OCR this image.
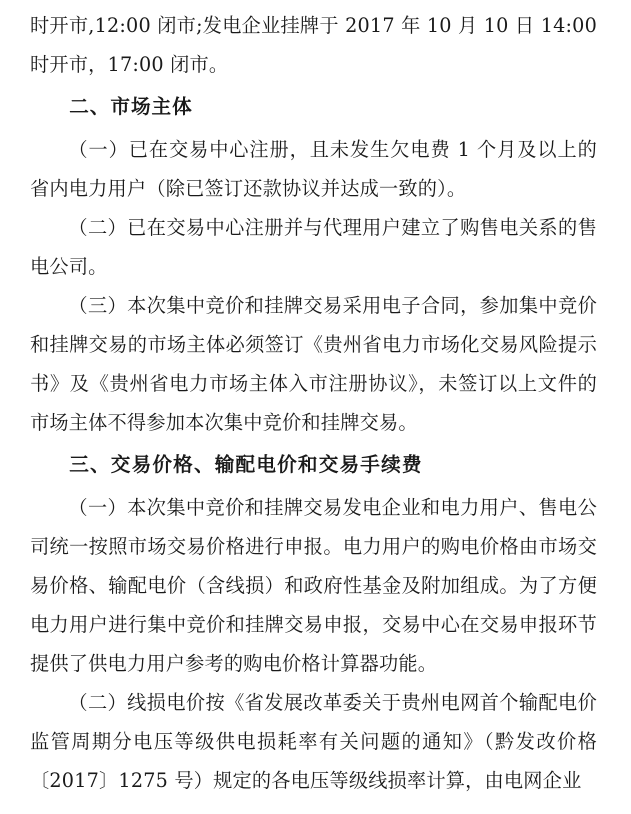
时开市,12:00 闭市;发电企业挂牌于 2017 年 10 月 10 日 14:00 时开市，17:00 闭市。

二、市场主体

（一）已在交易中心注册，且未发生欠电费 1 个月及以上的省内电力用户（除已签订还款协议并达成一致的）。

（二）已在交易中心注册并与代理用户建立了购售电关系的售电公司。

（三）本次集中竞价和挂牌交易采用电子合同，参加集中竞价和挂牌交易的市场主体必须签订《贵州省电力市场化交易风险提示书》及《贵州省电力市场主体入市注册协议》，未签订以上文件的市场主体不得参加本次集中竞价和挂牌交易。

三、交易价格、输配电价和交易手续费

（一）本次集中竞价和挂牌交易发电企业和电力用户、售电公司统一按照市场交易价格进行申报。电力用户的购电价格由市场交易价格、输配电价（含线损）和政府性基金及附加组成。为了方便电力用户进行集中竞价和挂牌交易申报，交易中心在交易申报环节提供了供电力用户参考的购电价格计算器功能。

（二）线损电价按《省发展改革委关于贵州电网首个输配电价监管周期分电压等级供电损耗率有关问题的通知》（黔发改价格〔2017〕1275 号）规定的各电压等级线损率计算，由电网企业
